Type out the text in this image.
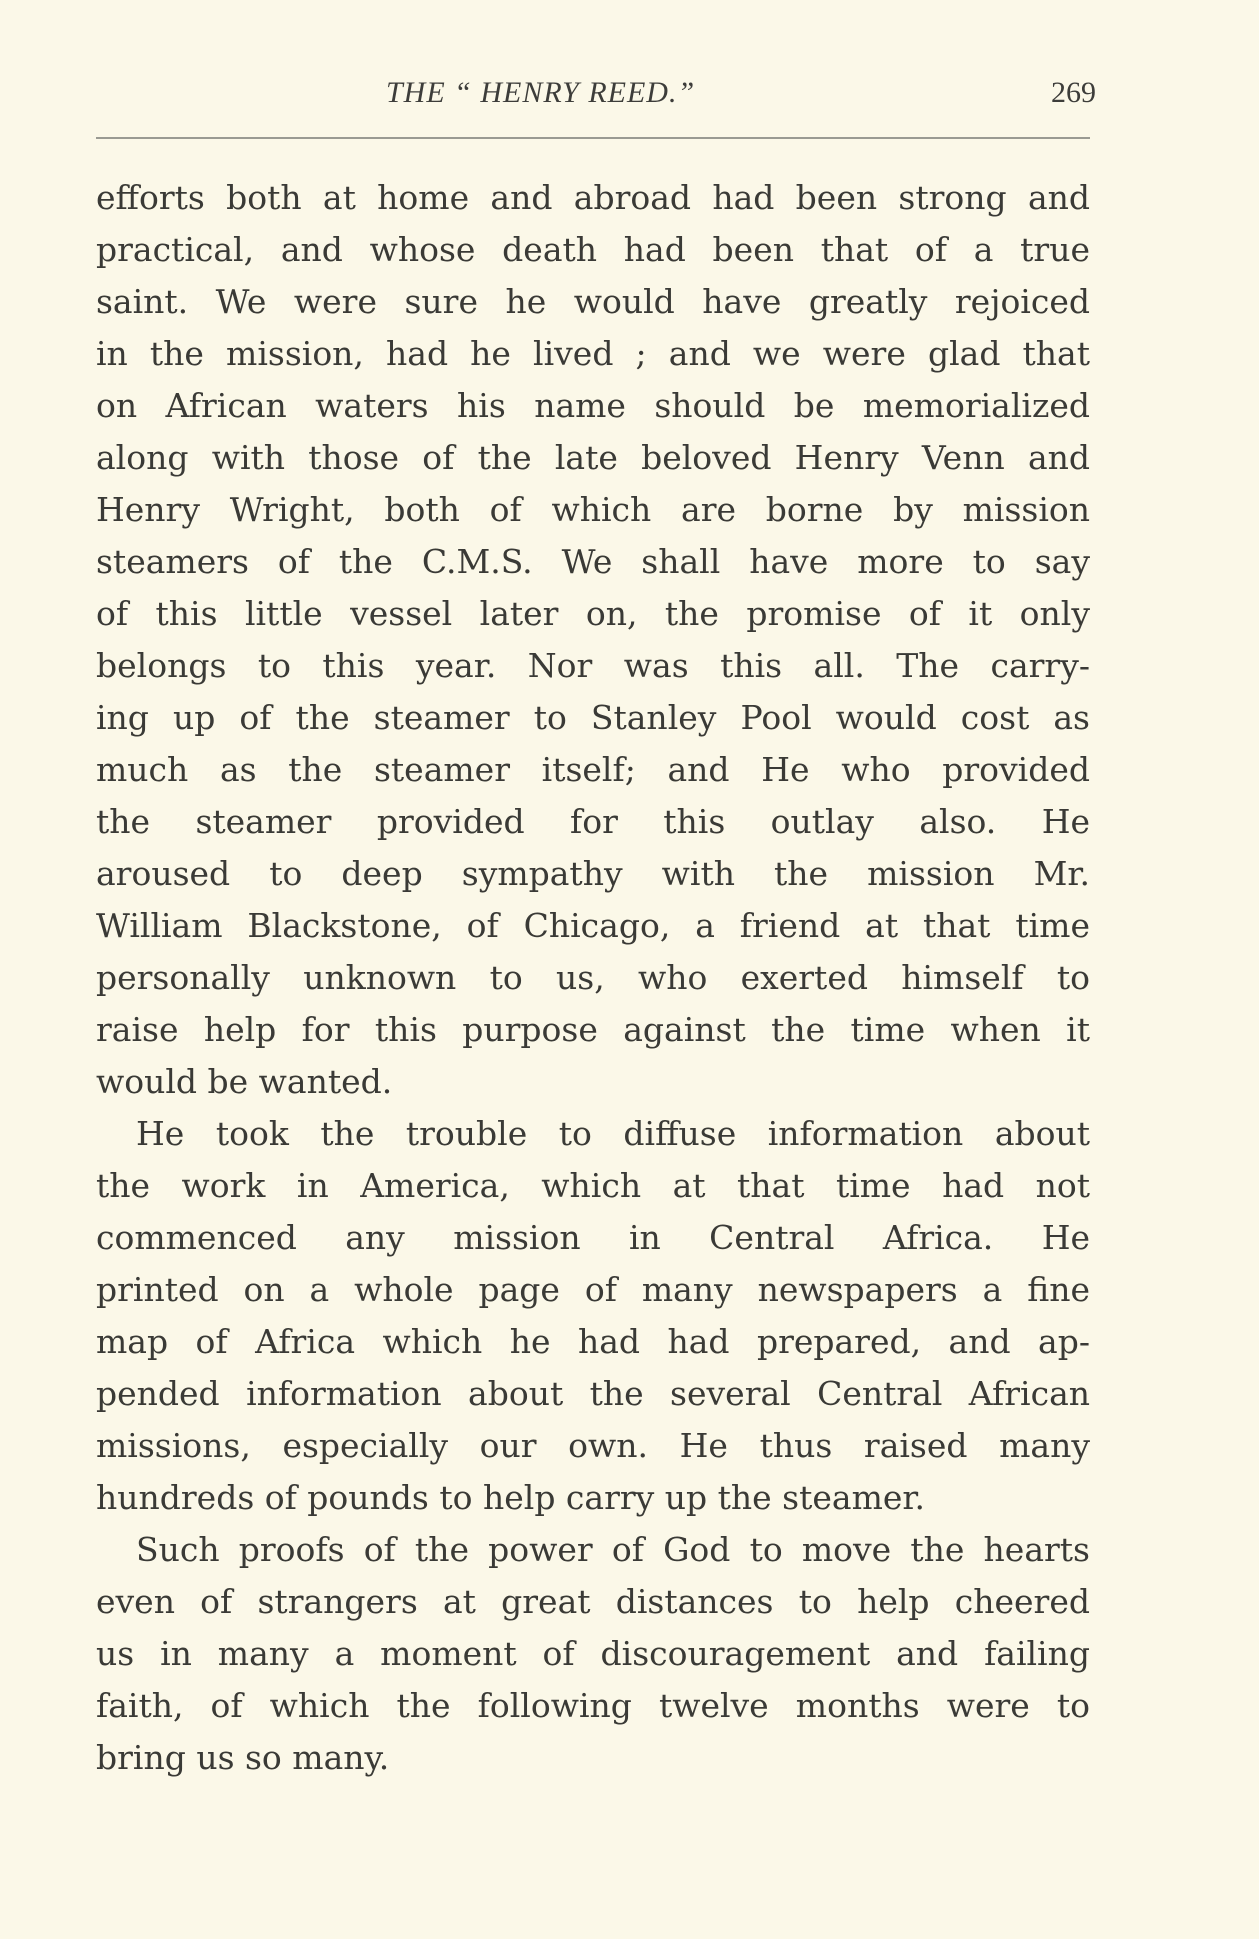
THE “ HENRY REED.”	269
efforts both at home and abroad had been strong and
practical, and whose death had been that of a true
saint. We were sure he would have greatly rejoiced
in the mission, had he lived ; and we were glad that
on African waters his name should be memorialized
along with those of the late beloved Henry Venn and
Henry Wright, both of which are borne by mission
steamers of the C.M.S. We shall have more to say
of this little vessel later on, the promise of it only
belongs to this year. Nor was this all. The carry-
ing up of the steamer to Stanley Pool would cost as
much as the steamer itself; and He who provided
the steamer provided for this outlay also. He
aroused to deep sympathy with the mission Mr.
William Blackstone, of Chicago, a friend at that time
personally unknown to us, who exerted himself to
raise help for this purpose against the time when it
would be wanted.
He took the trouble to diffuse information about
the work in America, which at that time had not
commenced any mission in Central Africa. He
printed on a whole page of many newspapers a fine
map of Africa which he had had prepared, and ap-
pended information about the several Central African
missions, especially our own. He thus raised many
hundreds of pounds to help carry up the steamer.
Such proofs of the power of God to move the hearts
even of strangers at great distances to help cheered
us in many a moment of discouragement and failing
faith, of which the following twelve months were to
bring us so many.
